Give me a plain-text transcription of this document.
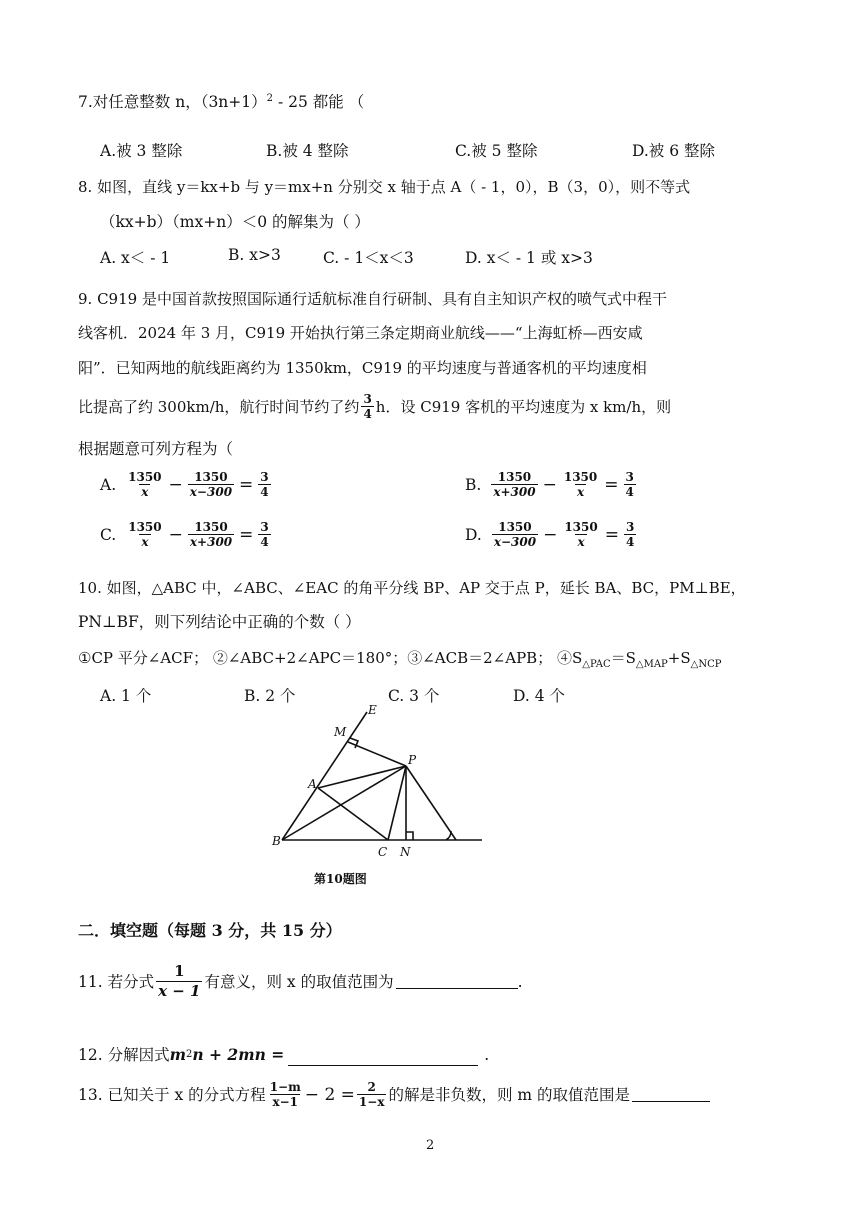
7.对任意整数 n，$(3n+1)^2 - 25$ 都能 （
A.被 3 整除	B.被 4 整除	C.被 5 整除	D.被 6 整除
8. 如图，直线 y＝kx+b 与 y＝mx+n 分别交 x 轴于点 A（ - 1，0），B（3，0），则不等式
（kx+b）（mx+n）＜0 的解集为（ ）
A. x＜ - 1	B. x>3	C. - 1＜x＜3	D. x＜ - 1 或 x>3
9. C919 是中国首款按照国际通行适航标准自行研制、具有自主知识产权的喷气式中程干
线客机．2024 年 3 月，C919 开始执行第三条定期商业航线——“上海虹桥—西安咸
阳”．已知两地的航线距离约为 1350km，C919 的平均速度与普通客机的平均速度相
比提高了约 300km/h，航行时间节约了约 $\frac{3}{4}$ h．设 C919 客机的平均速度为 x km/h，则
根据题意可列方程为（
A. $\frac{1350}{x} - \frac{1350}{x-300} = \frac{3}{4}$	B. $\frac{1350}{x+300} - \frac{1350}{x} = \frac{3}{4}$
C. $\frac{1350}{x} - \frac{1350}{x+300} = \frac{3}{4}$	D. $\frac{1350}{x-300} - \frac{1350}{x} = \frac{3}{4}$
10. 如图，△ABC 中，∠ABC、∠EAC 的角平分线 BP、AP 交于点 P，延长 BA、BC，PM⊥BE，
PN⊥BF，则下列结论中正确的个数（ ）
①CP 平分∠ACF； ②∠ABC+2∠APC＝180°；③∠ACB＝2∠APB； $④S_{\triangle PAC}=S_{\triangle MAP}+S_{\triangle NCP}$
A. 1 个	B. 2 个	C. 3 个	D. 4 个
E
M
P
B
C N
A
第10题图
二．填空题（每题 3 分，共 15 分）
11. 若分式 $\frac{1}{x - 1}$ 有意义，则 x 的取值范围为	.
12. 分解因式 m 2 n + 2mn =	.
13. 已知关于 x 的分式方程 $\frac{1-m}{x-1} - 2 = \frac{2}{1-x}$ 的解是非负数，则 m 的取值范围是
2
